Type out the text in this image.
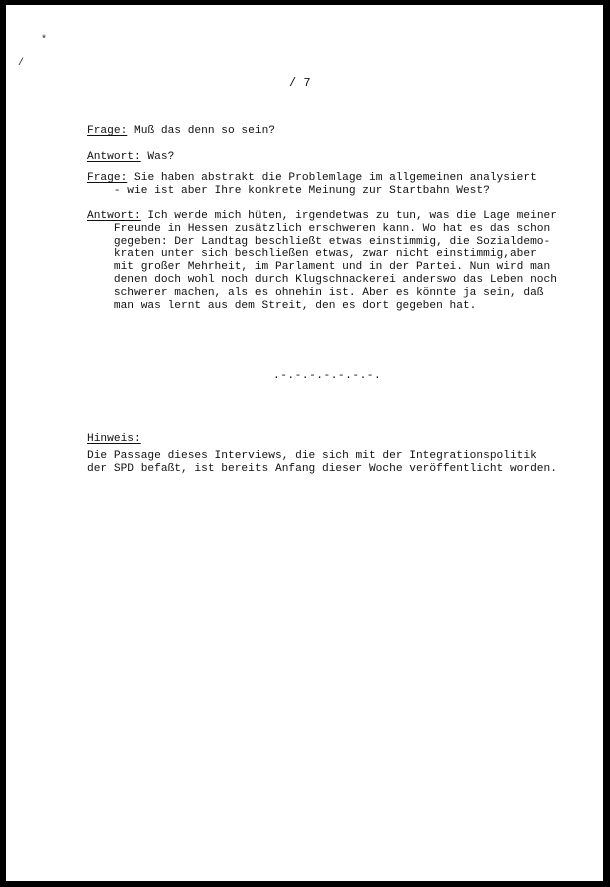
*
/
/ 7
Frage: Muß das denn so sein?
Antwort: Was?
Frage: Sie haben abstrakt die Problemlage im allgemeinen analysiert
- wie ist aber Ihre konkrete Meinung zur Startbahn West?
Antwort: Ich werde mich hüten, irgendetwas zu tun, was die Lage meiner
Freunde in Hessen zusätzlich erschweren kann. Wo hat es das schon
gegeben: Der Landtag beschließt etwas einstimmig, die Sozialdemo-
kraten unter sich beschließen etwas, zwar nicht einstimmig,aber
mit großer Mehrheit, im Parlament und in der Partei. Nun wird man
denen doch wohl noch durch Klugschnackerei anderswo das Leben noch
schwerer machen, als es ohnehin ist. Aber es könnte ja sein, daß
man was lernt aus dem Streit, den es dort gegeben hat.
.-.-.-.-.-.-.-.
Hinweis:
Die Passage dieses Interviews, die sich mit der Integrationspolitik
der SPD befaßt, ist bereits Anfang dieser Woche veröffentlicht worden.
